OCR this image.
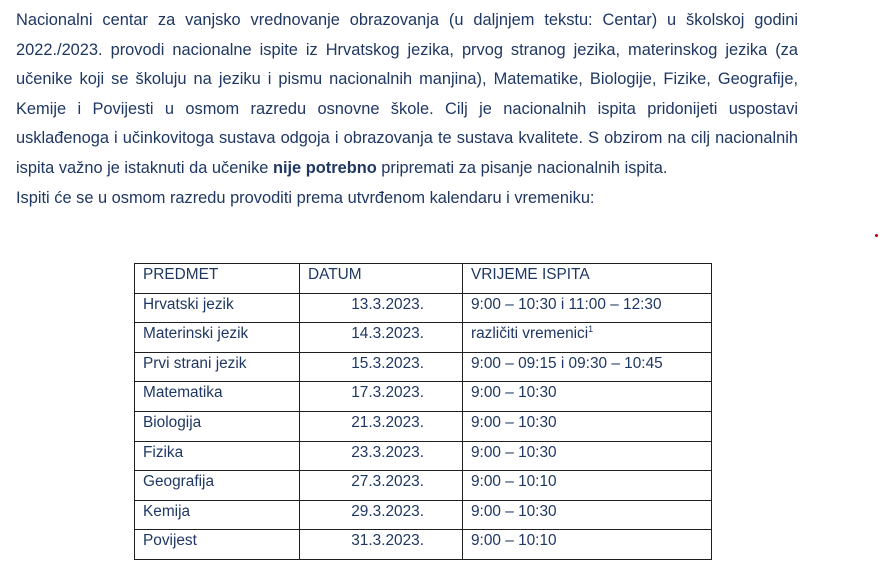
Nacionalni centar za vanjsko vrednovanje obrazovanja (u daljnjem tekstu: Centar) u školskoj godini 2022./2023. provodi nacionalne ispite iz Hrvatskog jezika, prvog stranog jezika, materinskog jezika (za učenike koji se školuju na jeziku i pismu nacionalnih manjina), Matematike, Biologije, Fizike, Geografije, Kemije i Povijesti u osmom razredu osnovne škole. Cilj je nacionalnih ispita pridonijeti uspostavi usklađenoga i učinkovitoga sustava odgoja i obrazovanja te sustava kvalitete. S obzirom na cilj nacionalnih ispita važno je istaknuti da učenike nije potrebno pripremati za pisanje nacionalnih ispita.

Ispiti će se u osmom razredu provoditi prema utvrđenom kalendaru i vremeniku:

PREDMET	DATUM	VRIJEME ISPITA
Hrvatski jezik	13.3.2023.	9:00 – 10:30 i 11:00 – 12:30
Materinski jezik	14.3.2023.	različiti vremenici$^1$
Prvi strani jezik	15.3.2023.	9:00 – 09:15 i 09:30 – 10:45
Matematika	17.3.2023.	9:00 – 10:30
Biologija	21.3.2023.	9:00 – 10:30
Fizika	23.3.2023.	9:00 – 10:30
Geografija	27.3.2023.	9:00 – 10:10
Kemija	29.3.2023.	9:00 – 10:30
Povijest	31.3.2023.	9:00 – 10:10
